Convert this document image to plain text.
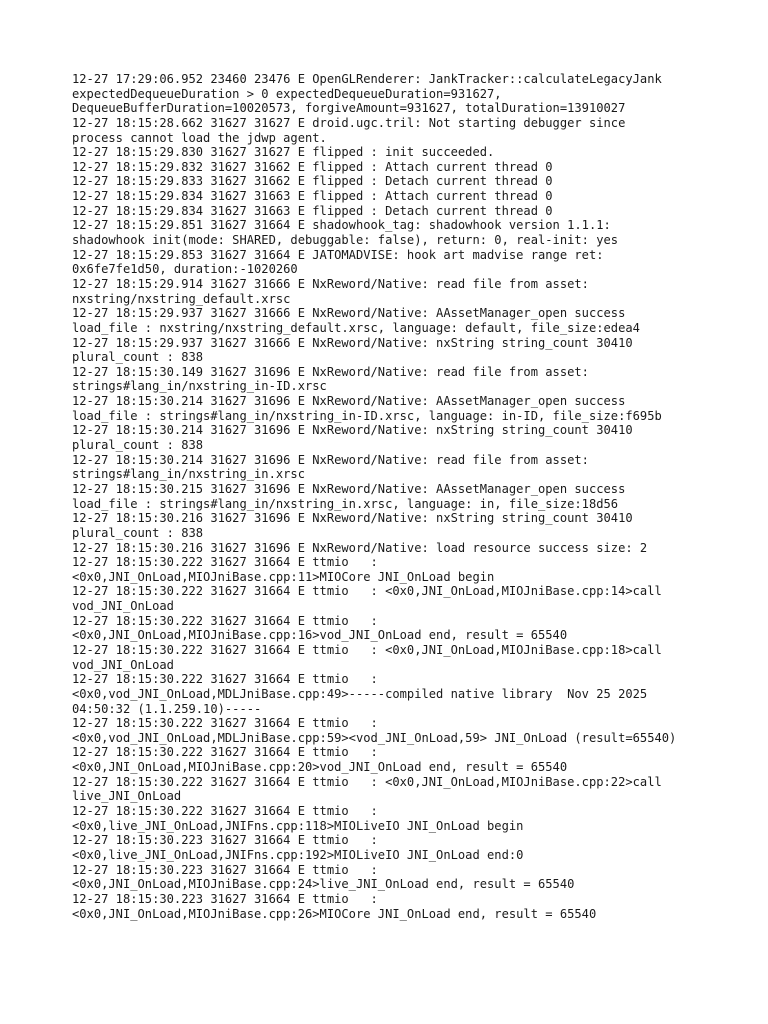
12-27 17:29:06.952 23460 23476 E OpenGLRenderer: JankTracker::calculateLegacyJank
expectedDequeueDuration > 0 expectedDequeueDuration=931627,
DequeueBufferDuration=10020573, forgiveAmount=931627, totalDuration=13910027
12-27 18:15:28.662 31627 31627 E droid.ugc.tril: Not starting debugger since
process cannot load the jdwp agent.
12-27 18:15:29.830 31627 31627 E flipped : init succeeded.
12-27 18:15:29.832 31627 31662 E flipped : Attach current thread 0
12-27 18:15:29.833 31627 31662 E flipped : Detach current thread 0
12-27 18:15:29.834 31627 31663 E flipped : Attach current thread 0
12-27 18:15:29.834 31627 31663 E flipped : Detach current thread 0
12-27 18:15:29.851 31627 31664 E shadowhook_tag: shadowhook version 1.1.1:
shadowhook init(mode: SHARED, debuggable: false), return: 0, real-init: yes
12-27 18:15:29.853 31627 31664 E JATOMADVISE: hook art madvise range ret:
0x6fe7fe1d50, duration:-1020260
12-27 18:15:29.914 31627 31666 E NxReword/Native: read file from asset:
nxstring/nxstring_default.xrsc
12-27 18:15:29.937 31627 31666 E NxReword/Native: AAssetManager_open success
load_file : nxstring/nxstring_default.xrsc, language: default, file_size:edea4
12-27 18:15:29.937 31627 31666 E NxReword/Native: nxString string_count 30410
plural_count : 838
12-27 18:15:30.149 31627 31696 E NxReword/Native: read file from asset:
strings#lang_in/nxstring_in-ID.xrsc
12-27 18:15:30.214 31627 31696 E NxReword/Native: AAssetManager_open success
load_file : strings#lang_in/nxstring_in-ID.xrsc, language: in-ID, file_size:f695b
12-27 18:15:30.214 31627 31696 E NxReword/Native: nxString string_count 30410
plural_count : 838
12-27 18:15:30.214 31627 31696 E NxReword/Native: read file from asset:
strings#lang_in/nxstring_in.xrsc
12-27 18:15:30.215 31627 31696 E NxReword/Native: AAssetManager_open success
load_file : strings#lang_in/nxstring_in.xrsc, language: in, file_size:18d56
12-27 18:15:30.216 31627 31696 E NxReword/Native: nxString string_count 30410
plural_count : 838
12-27 18:15:30.216 31627 31696 E NxReword/Native: load resource success size: 2
12-27 18:15:30.222 31627 31664 E ttmio   :
<0x0,JNI_OnLoad,MIOJniBase.cpp:11>MIOCore JNI_OnLoad begin
12-27 18:15:30.222 31627 31664 E ttmio   : <0x0,JNI_OnLoad,MIOJniBase.cpp:14>call
vod_JNI_OnLoad
12-27 18:15:30.222 31627 31664 E ttmio   :
<0x0,JNI_OnLoad,MIOJniBase.cpp:16>vod_JNI_OnLoad end, result = 65540
12-27 18:15:30.222 31627 31664 E ttmio   : <0x0,JNI_OnLoad,MIOJniBase.cpp:18>call
vod_JNI_OnLoad
12-27 18:15:30.222 31627 31664 E ttmio   :
<0x0,vod_JNI_OnLoad,MDLJniBase.cpp:49>-----compiled native library  Nov 25 2025
04:50:32 (1.1.259.10)-----
12-27 18:15:30.222 31627 31664 E ttmio   :
<0x0,vod_JNI_OnLoad,MDLJniBase.cpp:59><vod_JNI_OnLoad,59> JNI_OnLoad (result=65540)
12-27 18:15:30.222 31627 31664 E ttmio   :
<0x0,JNI_OnLoad,MIOJniBase.cpp:20>vod_JNI_OnLoad end, result = 65540
12-27 18:15:30.222 31627 31664 E ttmio   : <0x0,JNI_OnLoad,MIOJniBase.cpp:22>call
live_JNI_OnLoad
12-27 18:15:30.222 31627 31664 E ttmio   :
<0x0,live_JNI_OnLoad,JNIFns.cpp:118>MIOLiveIO JNI_OnLoad begin
12-27 18:15:30.223 31627 31664 E ttmio   :
<0x0,live_JNI_OnLoad,JNIFns.cpp:192>MIOLiveIO JNI_OnLoad end:0
12-27 18:15:30.223 31627 31664 E ttmio   :
<0x0,JNI_OnLoad,MIOJniBase.cpp:24>live_JNI_OnLoad end, result = 65540
12-27 18:15:30.223 31627 31664 E ttmio   :
<0x0,JNI_OnLoad,MIOJniBase.cpp:26>MIOCore JNI_OnLoad end, result = 65540
